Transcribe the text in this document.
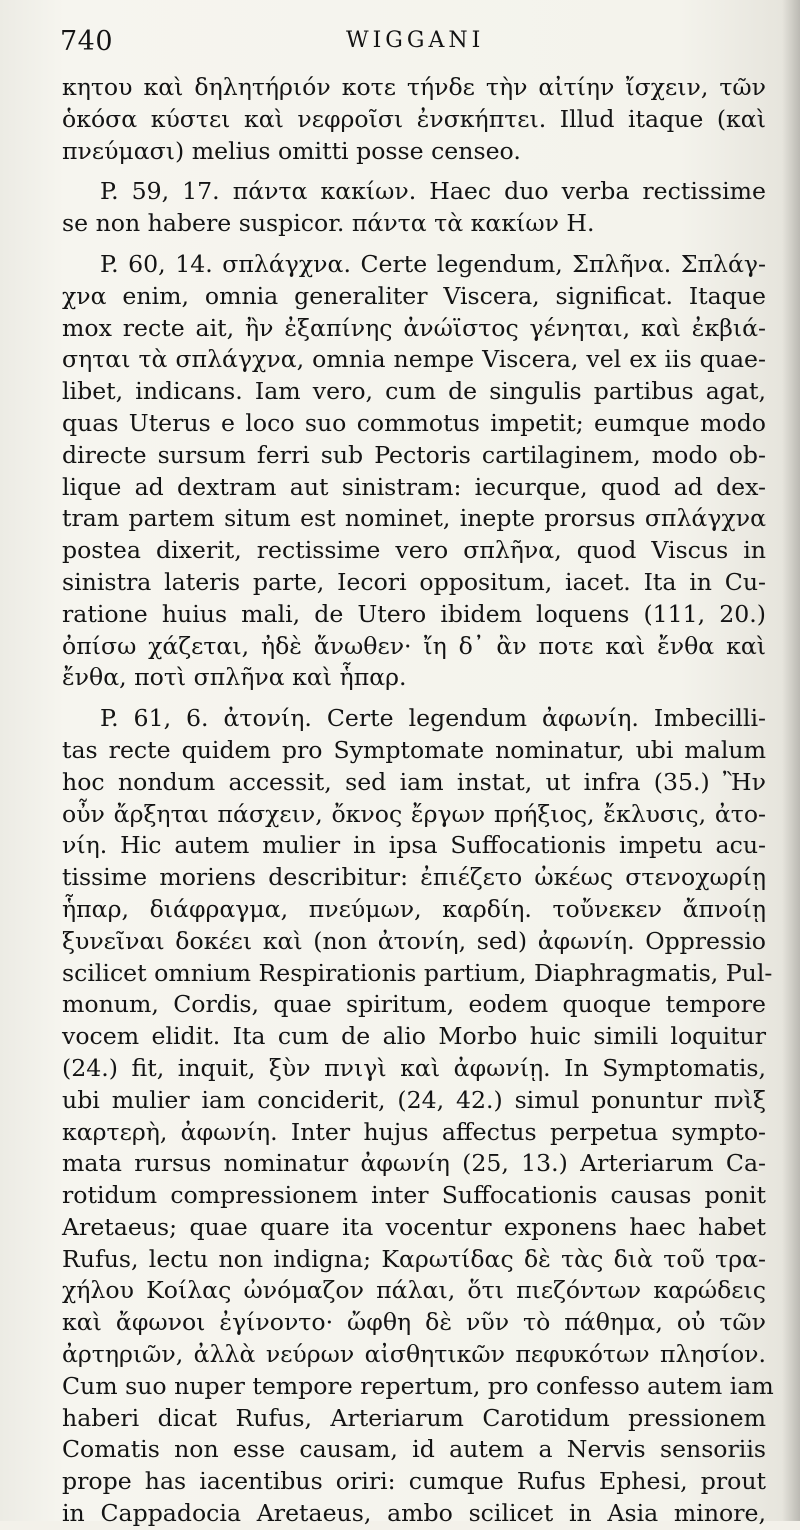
740	WIGGANI
κητου καὶ δηλητήριόν κοτε τήνδε τὴν αἰτίην ἴσχειν, τῶν
ὁκόσα κύστει καὶ νεφροῖσι ἐνσκήπτει. Illud itaque (καὶ
πνεύμασι) melius omitti posse censeo.
P. 59, 17. πάντα κακίων. Haec duo verba rectissime
se non habere suspicor. πάντα τὰ κακίων H.
P. 60, 14. σπλάγχνα. Certe legendum, Σπλῆνα. Σπλάγ-
χνα enim, omnia generaliter Viscera, significat. Itaque
mox recte ait, ἢν ἐξαπίνης ἀνώϊστος γένηται, καὶ ἐκβιά-
σηται τὰ σπλάγχνα, omnia nempe Viscera, vel ex iis quae-
libet, indicans. Iam vero, cum de singulis partibus agat,
quas Uterus e loco suo commotus impetit; eumque modo
directe sursum ferri sub Pectoris cartilaginem, modo ob-
lique ad dextram aut sinistram: iecurque, quod ad dex-
tram partem situm est nominet, inepte prorsus σπλάγχνα
postea dixerit, rectissime vero σπλῆνα, quod Viscus in
sinistra lateris parte, Iecori oppositum, iacet. Ita in Cu-
ratione huius mali, de Utero ibidem loquens (111, 20.)
ὀπίσω χάζεται, ἠδὲ ἄνωθεν· ἴη δ᾽ ἂν ποτε καὶ ἔνθα καὶ
ἔνθα, ποτὶ σπλῆνα καὶ ἧπαρ.
P. 61, 6. ἀτονίη. Certe legendum ἀφωνίη. Imbecilli-
tas recte quidem pro Symptomate nominatur, ubi malum
hoc nondum accessit, sed iam instat, ut infra (35.) Ἢν
οὖν ἄρξηται πάσχειν, ὄκνος ἔργων πρήξιος, ἔκλυσις, ἀτο-
νίη. Hic autem mulier in ipsa Suffocationis impetu acu-
tissime moriens describitur: ἐπιέζετο ὠκέως στενοχωρίῃ
ἧπαρ, διάφραγμα, πνεύμων, καρδίη. τοὔνεκεν ἄπνοίῃ
ξυνεῖναι δοκέει καὶ (non ἀτονίη, sed) ἀφωνίη. Oppressio
scilicet omnium Respirationis partium, Diaphragmatis, Pul-
monum, Cordis, quae spiritum, eodem quoque tempore
vocem elidit. Ita cum de alio Morbo huic simili loquitur
(24.) fit, inquit, ξὺν πνιγὶ καὶ ἀφωνίῃ. In Symptomatis,
ubi mulier iam conciderit, (24, 42.) simul ponuntur πνὶξ
καρτερὴ, ἀφωνίη. Inter hujus affectus perpetua sympto-
mata rursus nominatur ἀφωνίη (25, 13.) Arteriarum Ca-
rotidum compressionem inter Suffocationis causas ponit
Aretaeus; quae quare ita vocentur exponens haec habet
Rufus, lectu non indigna; Καρωτίδας δὲ τὰς διὰ τοῦ τρα-
χήλου Κοίλας ὠνόμαζον πάλαι, ὅτι πιεζόντων καρώδεις
καὶ ἄφωνοι ἐγίνοντο· ὤφθη δὲ νῦν τὸ πάθημα, οὐ τῶν
ἀρτηριῶν, ἀλλὰ νεύρων αἰσθητικῶν πεφυκότων πλησίον.
Cum suo nuper tempore repertum, pro confesso autem iam
haberi dicat Rufus, Arteriarum Carotidum pressionem
Comatis non esse causam, id autem a Nervis sensoriis
prope has iacentibus oriri: cumque Rufus Ephesi, prout
in Cappadocia Aretaeus, ambo scilicet in Asia minore,
